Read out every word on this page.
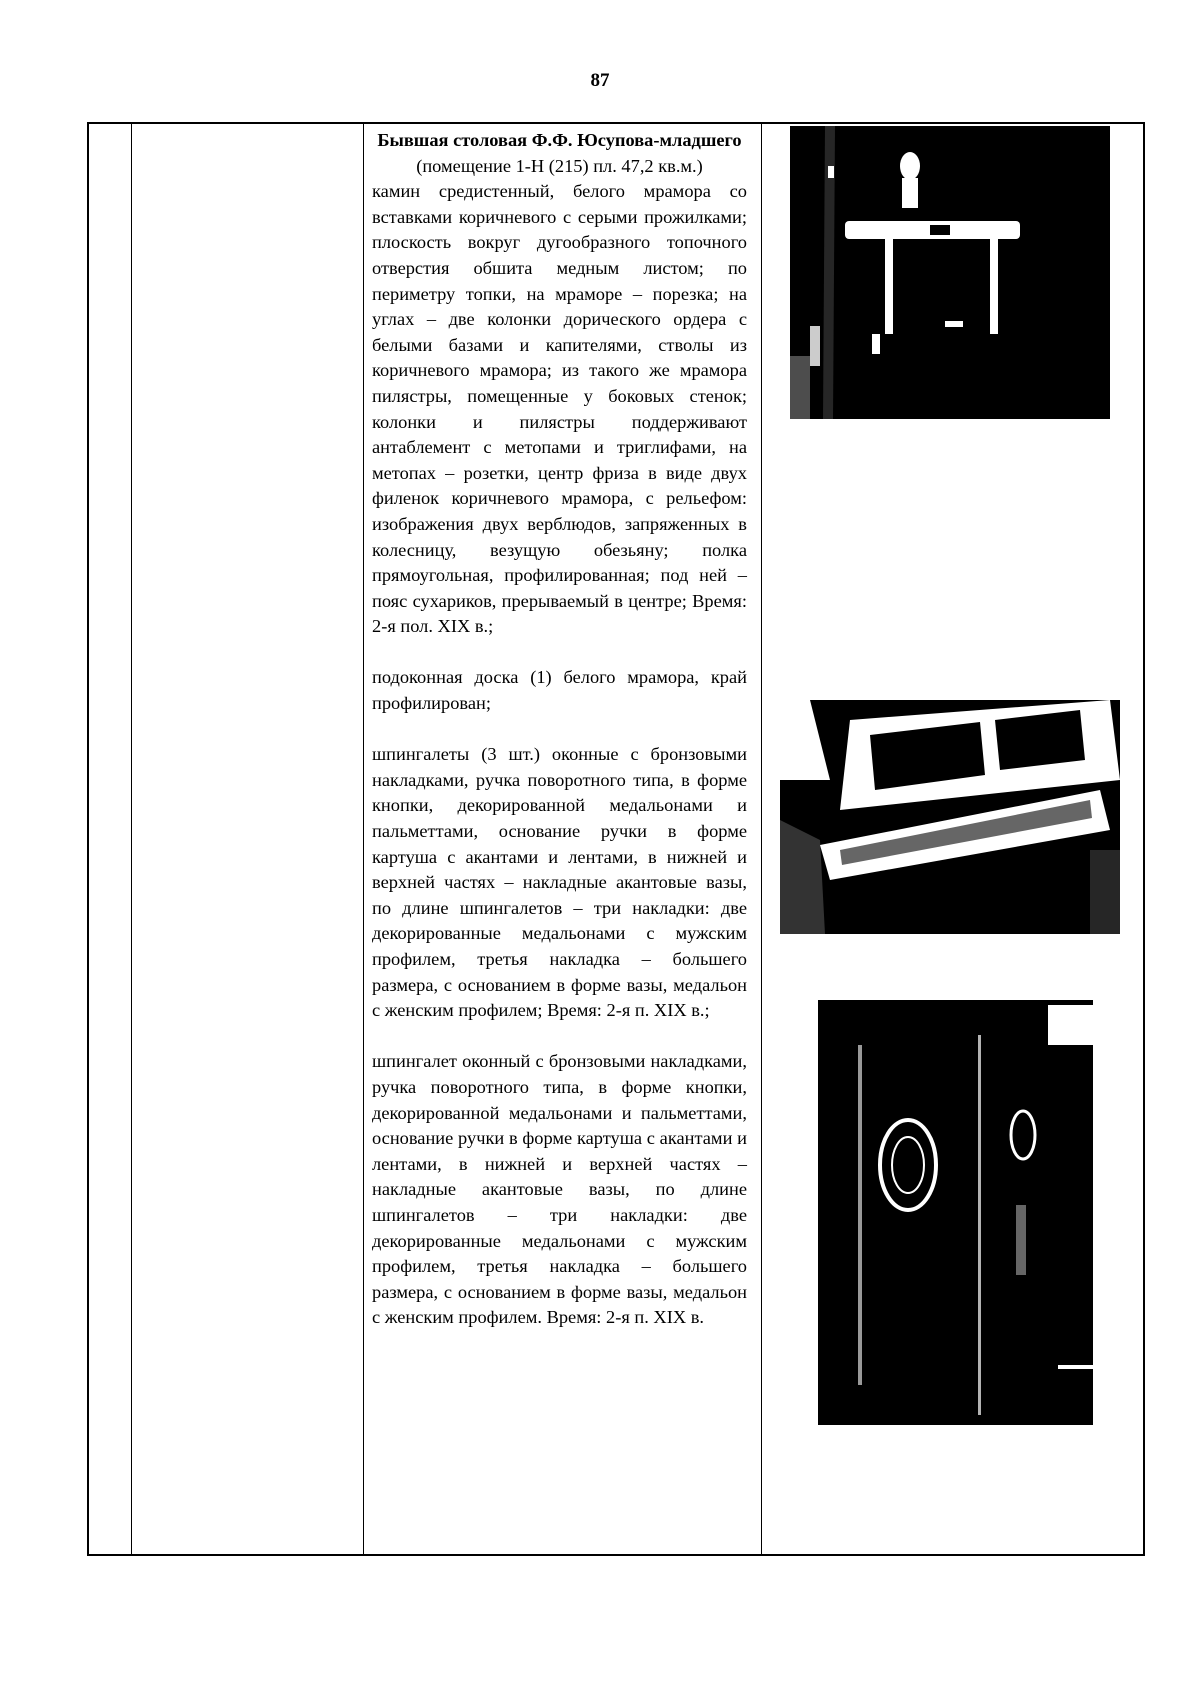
87
Бывшая столовая Ф.Ф. Юсупова-младшего
(помещение 1-Н (215) пл. 47,2 кв.м.)

камин средистенный, белого мрамора со вставками коричневого с серыми прожилками; плоскость вокруг дугообразного топочного отверстия обшита медным листом; по периметру топки, на мраморе – порезка; на углах – две колонки дорического ордера с белыми базами и капителями, стволы из коричневого мрамора; из такого же мрамора пилястры, помещенные у боковых стенок; колонки и пилястры поддерживают антаблемент с метопами и триглифами, на метопах – розетки, центр фриза в виде двух филенок коричневого мрамора, с рельефом: изображения двух верблюдов, запряженных в колесницу, везущую обезьяну; полка прямоугольная, профилированная; под ней – пояс сухариков, прерываемый в центре; Время: 2-я пол. XIX в.;

подоконная доска (1) белого мрамора, край профилирован;

шпингалеты (3 шт.) оконные с бронзовыми накладками, ручка поворотного типа, в форме кнопки, декорированной медальонами и пальметтами, основание ручки в форме картуша с акантами и лентами, в нижней и верхней частях – накладные акантовые вазы, по длине шпингалетов – три накладки: две декорированные медальонами с мужским профилем, третья накладка – большего размера, с основанием в форме вазы, медальон с женским профилем; Время: 2-я п. XIX в.;

шпингалет оконный с бронзовыми накладками, ручка поворотного типа, в форме кнопки, декорированной медальонами и пальметтами, основание ручки в форме картуша с акантами и лентами, в нижней и верхней частях – накладные акантовые вазы, по длине шпингалетов – три накладки: две декорированные медальонами с мужским профилем, третья накладка – большего размера, с основанием в форме вазы, медальон с женским профилем. Время: 2-я п. XIX в.
